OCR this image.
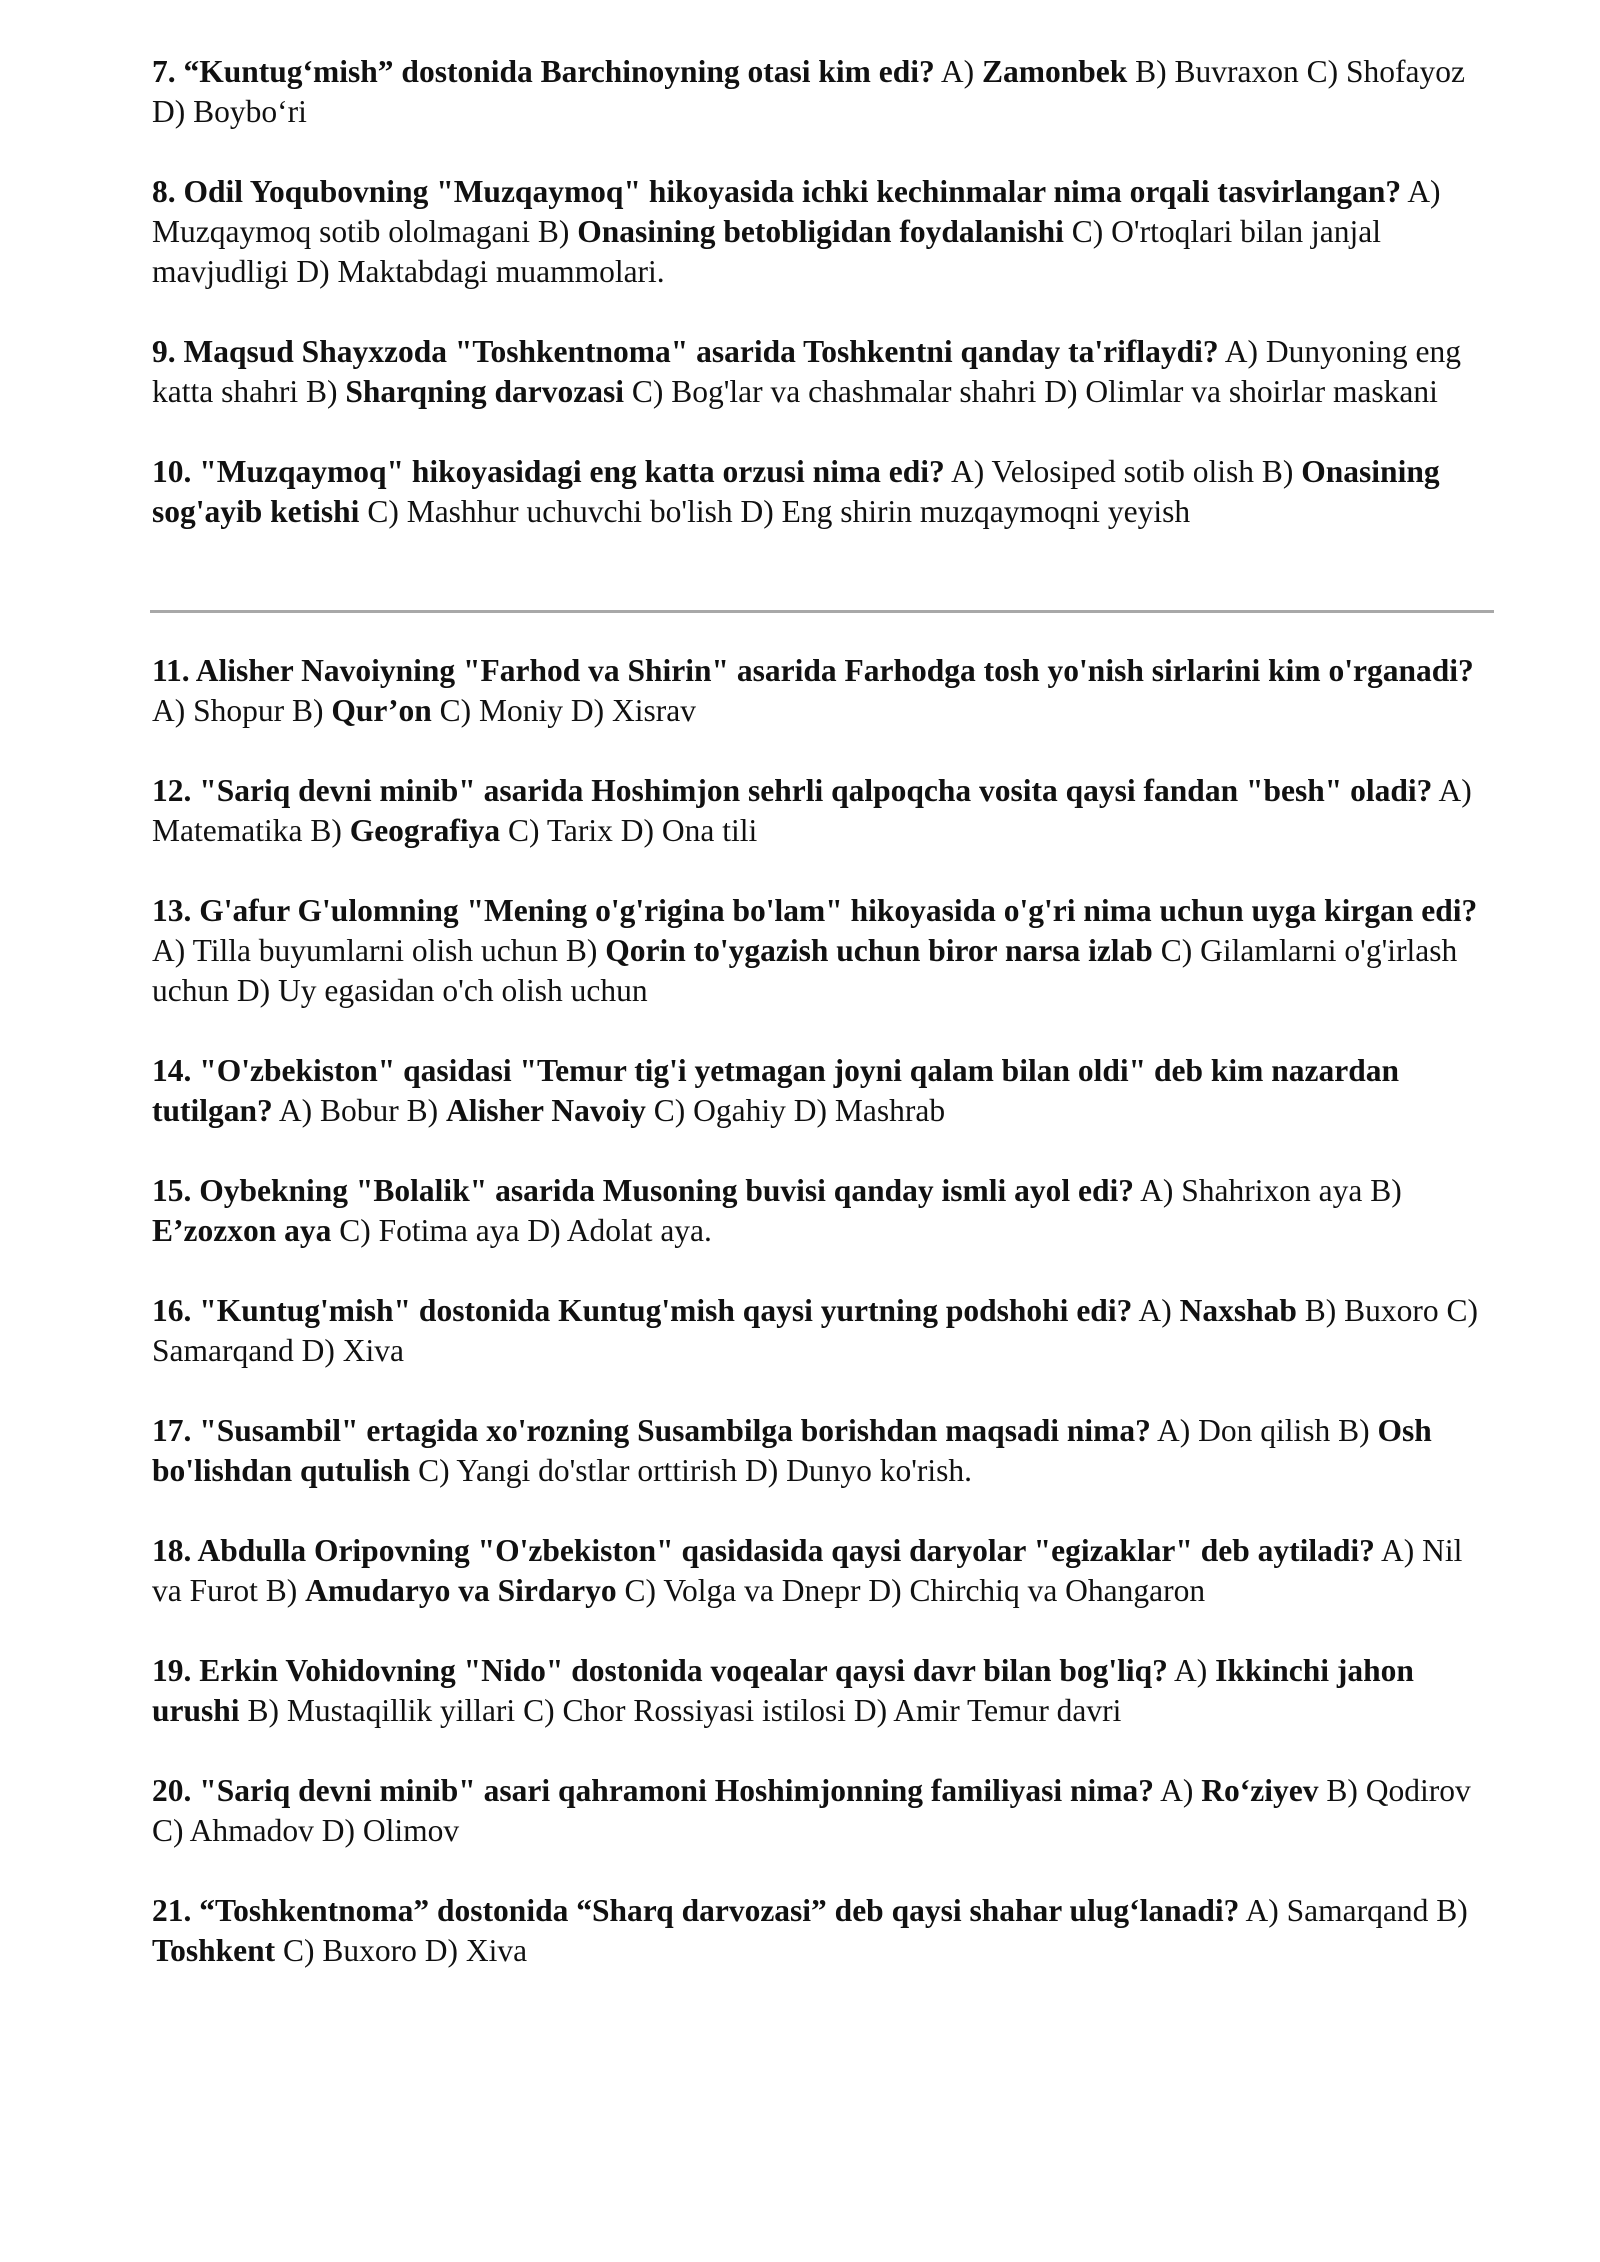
7. “Kuntug‘mish” dostonida Barchinoyning otasi kim edi? A) Zamonbek B) Buvraxon C) Shofayoz D) Boybo‘ri

8. Odil Yoqubovning "Muzqaymoq" hikoyasida ichki kechinmalar nima orqali tasvirlangan? A) Muzqaymoq sotib ololmagani B) Onasining betobligidan foydalanishi C) O'rtoqlari bilan janjal mavjudligi D) Maktabdagi muammolari.

9. Maqsud Shayxzoda "Toshkentnoma" asarida Toshkentni qanday ta'riflaydi? A) Dunyoning eng katta shahri B) Sharqning darvozasi C) Bog'lar va chashmalar shahri D) Olimlar va shoirlar maskani

10. "Muzqaymoq" hikoyasidagi eng katta orzusi nima edi? A) Velosiped sotib olish B) Onasining sog'ayib ketishi C) Mashhur uchuvchi bo'lish D) Eng shirin muzqaymoqni yeyish

11. Alisher Navoiyning "Farhod va Shirin" asarida Farhodga tosh yo'nish sirlarini kim o'rganadi? A) Shopur B) Qur’on C) Moniy D) Xisrav

12. "Sariq devni minib" asarida Hoshimjon sehrli qalpoqcha vosita qaysi fandan "besh" oladi? A) Matematika B) Geografiya C) Tarix D) Ona tili

13. G'afur G'ulomning "Mening o'g'rigina bo'lam" hikoyasida o'g'ri nima uchun uyga kirgan edi? A) Tilla buyumlarni olish uchun B) Qorin to'ygazish uchun biror narsa izlab C) Gilamlarni o'g'irlash uchun D) Uy egasidan o'ch olish uchun

14. "O'zbekiston" qasidasi "Temur tig'i yetmagan joyni qalam bilan oldi" deb kim nazardan tutilgan? A) Bobur B) Alisher Navoiy C) Ogahiy D) Mashrab

15. Oybekning "Bolalik" asarida Musoning buvisi qanday ismli ayol edi? A) Shahrixon aya B) E’zozxon aya C) Fotima aya D) Adolat aya.

16. "Kuntug'mish" dostonida Kuntug'mish qaysi yurtning podshohi edi? A) Naxshab B) Buxoro C) Samarqand D) Xiva

17. "Susambil" ertagida xo'rozning Susambilga borishdan maqsadi nima? A) Don qilish B) Osh bo'lishdan qutulish C) Yangi do'stlar orttirish D) Dunyo ko'rish.

18. Abdulla Oripovning "O'zbekiston" qasidasida qaysi daryolar "egizaklar" deb aytiladi? A) Nil va Furot B) Amudaryo va Sirdaryo C) Volga va Dnepr D) Chirchiq va Ohangaron

19. Erkin Vohidovning "Nido" dostonida voqealar qaysi davr bilan bog'liq? A) Ikkinchi jahon urushi B) Mustaqillik yillari C) Chor Rossiyasi istilosi D) Amir Temur davri

20. "Sariq devni minib" asari qahramoni Hoshimjonning familiyasi nima? A) Ro‘ziyev B) Qodirov C) Ahmadov D) Olimov

21. “Toshkentnoma” dostonida “Sharq darvozasi” deb qaysi shahar ulug‘lanadi? A) Samarqand B) Toshkent C) Buxoro D) Xiva
